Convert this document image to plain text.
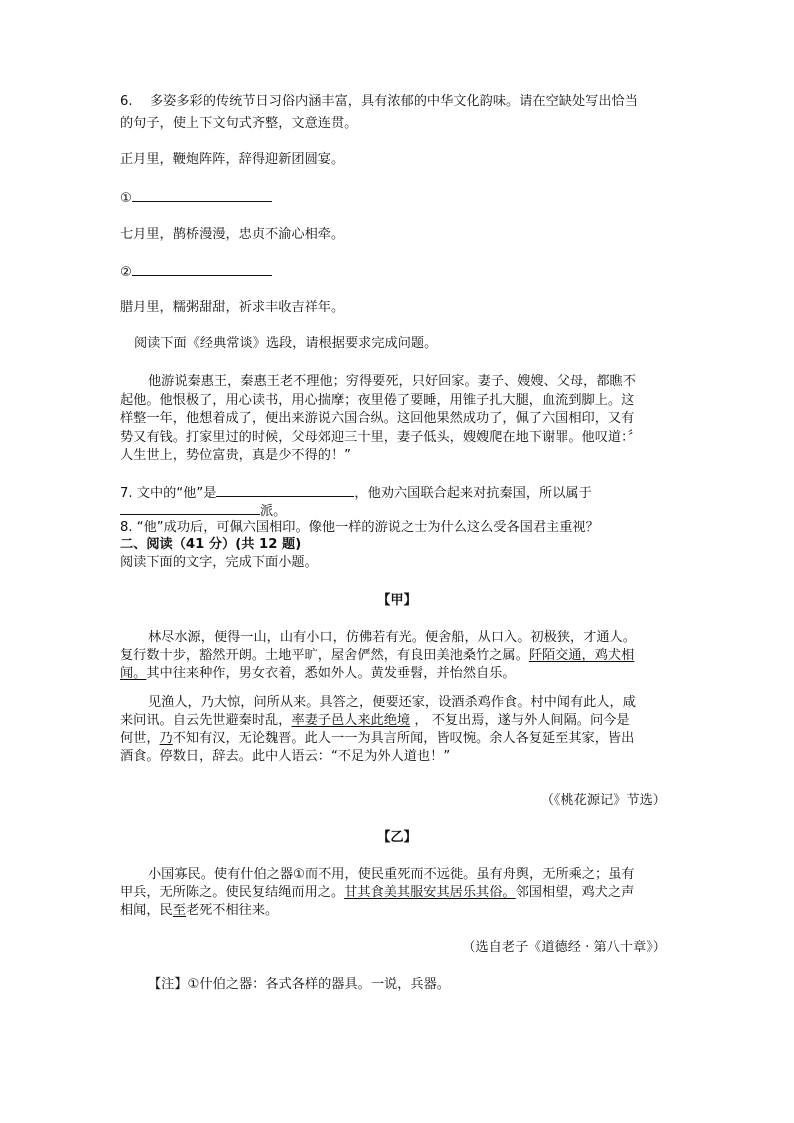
6.　 多姿多彩的传统节日习俗内涵丰富，具有浓郁的中华文化韵味。请在空缺处写出恰当
的句子，使上下文句式齐整，文意连贯。
正月里，鞭炮阵阵，辞得迎新团圆宴。
①
七月里，鹊桥漫漫，忠贞不渝心相牵。
②
腊月里，糯粥甜甜，祈求丰收吉祥年。
阅读下面《经典常谈》选段，请根据要求完成问题。
他游说秦惠王，秦惠王老不理他；穷得要死，只好回家。妻子、嫂嫂、父母，都瞧不
起他。他恨极了，用心读书，用心揣摩；夜里倦了要睡，用锥子扎大腿，血流到脚上。这
样整一年，他想着成了，便出来游说六国合纵。这回他果然成功了，佩了六国相印，又有
势又有钱。打家里过的时候，父母郊迎三十里，妻子低头，嫂嫂爬在地下谢罪。他叹道：〞
人生世上，势位富贵，真是少不得的！”
7. 文中的“他”是	，他劝六国联合起来对抗秦国，所以属于
派。
8. “他”成功后，可佩六国相印。像他一样的游说之士为什么这么受各国君主重视？
二、阅读（41 分）(共 12 题)
阅读下面的文字，完成下面小题。
【甲】
林尽水源，便得一山，山有小口，仿佛若有光。便舍船，从口入。初极狭，才通人。
复行数十步，豁然开朗。土地平旷，屋舍俨然，有良田美池桑竹之属。阡陌交通，鸡犬相
闻。其中往来种作，男女衣着，悉如外人。黄发垂髫，并怡然自乐。
见渔人，乃大惊，问所从来。具答之，便要还家，设酒杀鸡作食。村中闻有此人，咸
来问讯。自云先世避秦时乱，率妻子邑人来此绝境 ， 不复出焉，遂与外人间隔。问今是
何世，乃不知有汉，无论魏晋。此人一一为具言所闻，皆叹惋。余人各复延至其家，皆出
酒食。停数日，辞去。此中人语云：“不足为外人道也！”
（《桃花源记》节选）
【乙】
小国寡民。使有什伯之器①而不用，使民重死而不远徙。虽有舟舆，无所乘之；虽有
甲兵，无所陈之。使民复结绳而用之。甘其食美其服安其居乐其俗。邻国相望，鸡犬之声
相闻，民至老死不相往来。
（选自老子《道德经 · 第八十章》）
【注】①什伯之器：各式各样的器具。一说，兵器。
